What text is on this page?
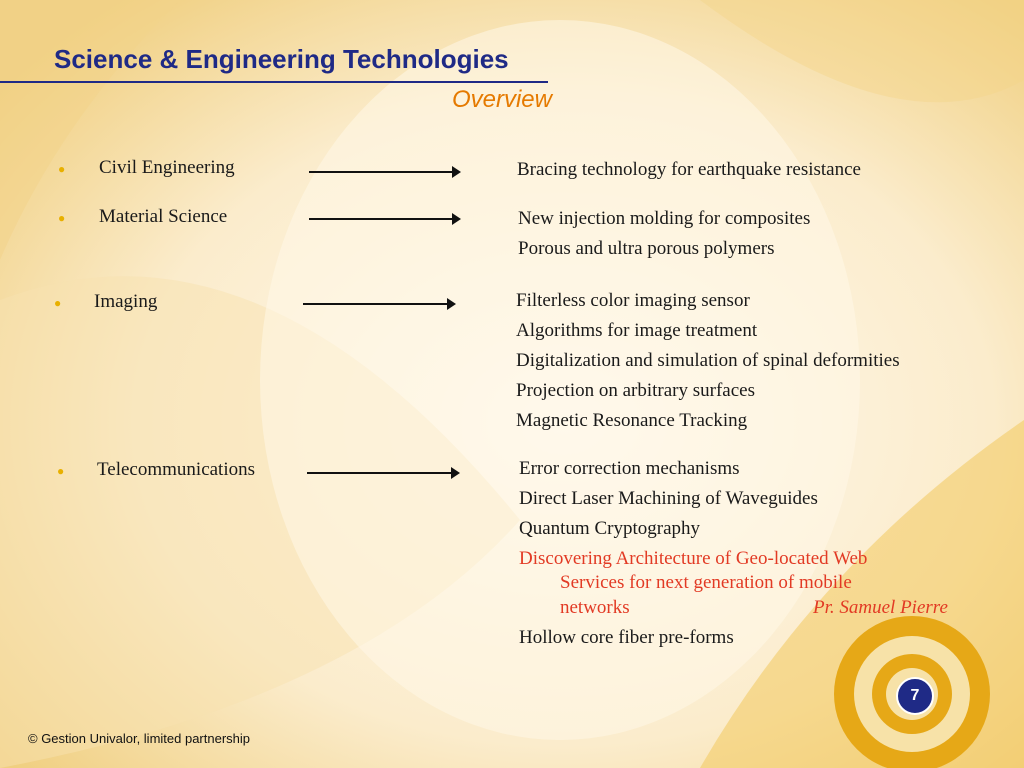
Science & Engineering Technologies
Overview
● Civil Engineering	Bracing technology for earthquake resistance
● Material Science	New injection molding for composites
Porous and ultra porous polymers
● Imaging	Filterless color imaging sensor
Algorithms for image treatment
Digitalization and simulation of spinal deformities
Projection on arbitrary surfaces
Magnetic Resonance Tracking
● Telecommunications	Error correction mechanisms
Direct Laser Machining of Waveguides
Quantum Cryptography
Discovering Architecture of Geo-located Web
Services for next generation of mobile
networks	Pr. Samuel Pierre
Hollow core fiber pre-forms
7
© Gestion Univalor, limited partnership
